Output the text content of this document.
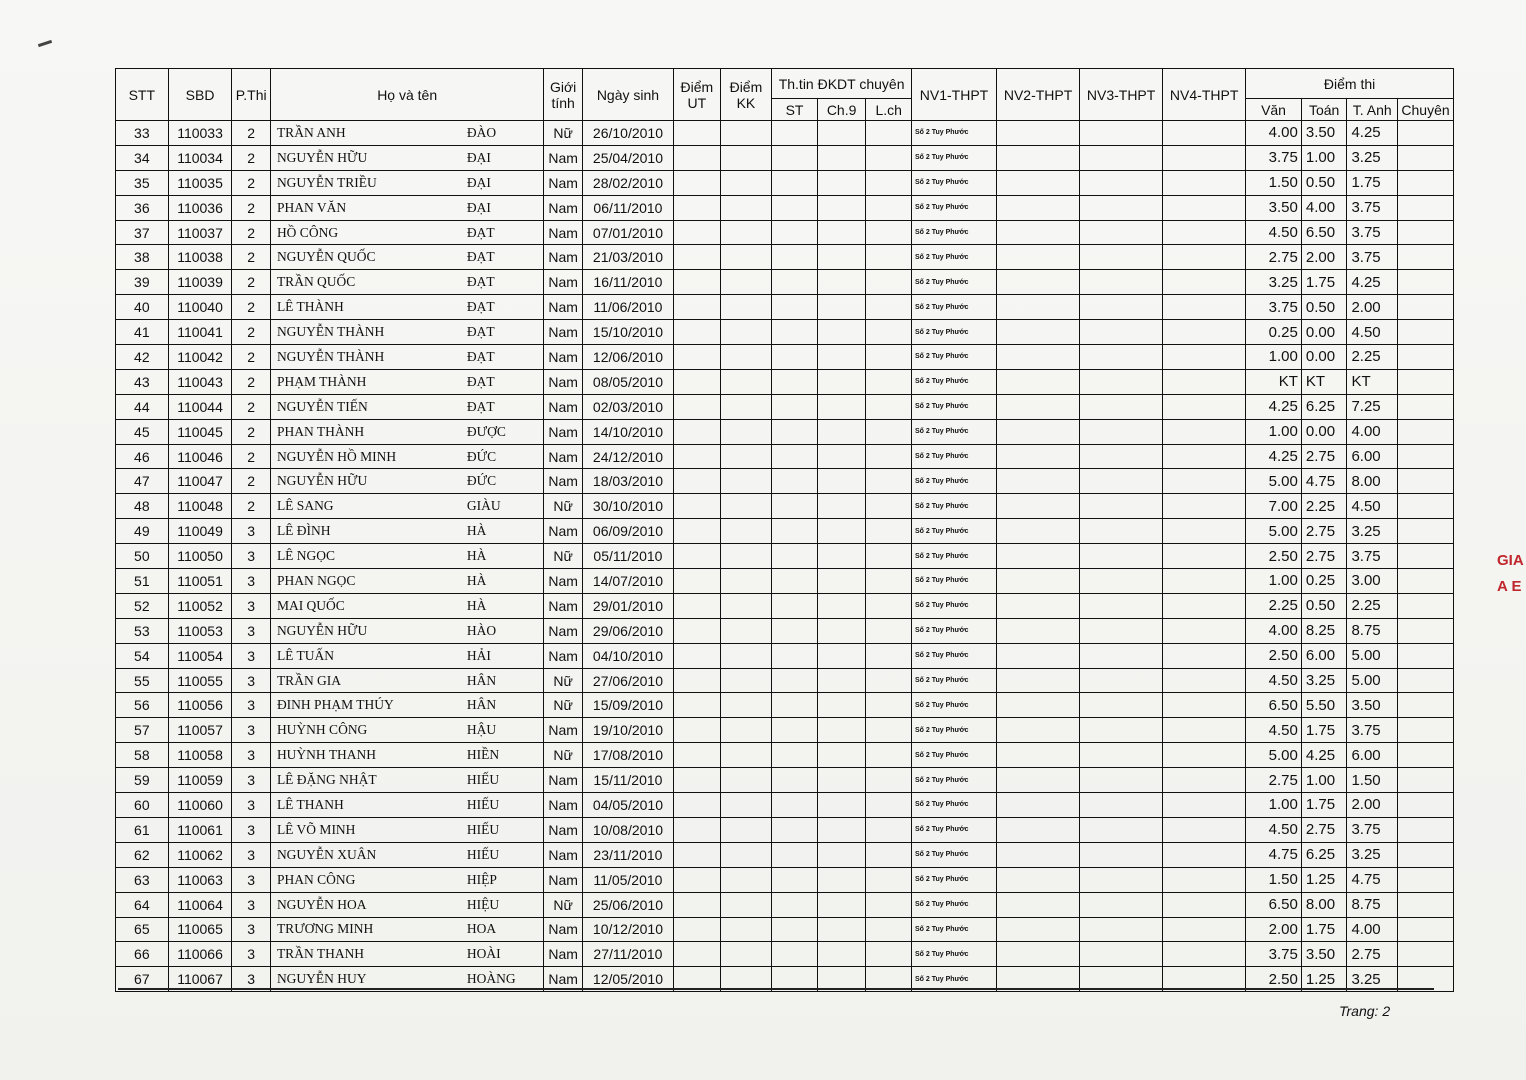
STT	SBD	P.Thi	Họ và tên		Giới tính	Ngày sinh	Điểm UT	Điểm KK	Th.tin ĐKDT chuyên			NV1-THPT	NV2-THPT	NV3-THPT	NV4-THPT	Điểm thi			
									ST	Ch.9	L.ch					Văn	Toán	T. Anh	Chuyên
33	110033	2	TRẦN ANH	ĐÀO	Nữ	26/10/2010						Số 2 Tuy Phước				4.00	3.50	4.25	
34	110034	2	NGUYỄN HỮU	ĐẠI	Nam	25/04/2010						Số 2 Tuy Phước				3.75	1.00	3.25	
35	110035	2	NGUYỄN TRIỀU	ĐẠI	Nam	28/02/2010						Số 2 Tuy Phước				1.50	0.50	1.75	
36	110036	2	PHAN VĂN	ĐẠI	Nam	06/11/2010						Số 2 Tuy Phước				3.50	4.00	3.75	
37	110037	2	HỒ CÔNG	ĐẠT	Nam	07/01/2010						Số 2 Tuy Phước				4.50	6.50	3.75	
38	110038	2	NGUYỄN QUỐC	ĐẠT	Nam	21/03/2010						Số 2 Tuy Phước				2.75	2.00	3.75	
39	110039	2	TRẦN QUỐC	ĐẠT	Nam	16/11/2010						Số 2 Tuy Phước				3.25	1.75	4.25	
40	110040	2	LÊ THÀNH	ĐẠT	Nam	11/06/2010						Số 2 Tuy Phước				3.75	0.50	2.00	
41	110041	2	NGUYỄN THÀNH	ĐẠT	Nam	15/10/2010						Số 2 Tuy Phước				0.25	0.00	4.50	
42	110042	2	NGUYỄN THÀNH	ĐẠT	Nam	12/06/2010						Số 2 Tuy Phước				1.00	0.00	2.25	
43	110043	2	PHẠM THÀNH	ĐẠT	Nam	08/05/2010						Số 2 Tuy Phước				KT	KT	KT	
44	110044	2	NGUYỄN TIẾN	ĐẠT	Nam	02/03/2010						Số 2 Tuy Phước				4.25	6.25	7.25	
45	110045	2	PHAN THÀNH	ĐƯỢC	Nam	14/10/2010						Số 2 Tuy Phước				1.00	0.00	4.00	
46	110046	2	NGUYỄN HỒ MINH	ĐỨC	Nam	24/12/2010						Số 2 Tuy Phước				4.25	2.75	6.00	
47	110047	2	NGUYỄN HỮU	ĐỨC	Nam	18/03/2010						Số 2 Tuy Phước				5.00	4.75	8.00	
48	110048	2	LÊ SANG	GIÀU	Nữ	30/10/2010						Số 2 Tuy Phước				7.00	2.25	4.50	
49	110049	3	LÊ ĐÌNH	HÀ	Nam	06/09/2010						Số 2 Tuy Phước				5.00	2.75	3.25	
50	110050	3	LÊ NGỌC	HÀ	Nữ	05/11/2010						Số 2 Tuy Phước				2.50	2.75	3.75	
51	110051	3	PHAN NGỌC	HÀ	Nam	14/07/2010						Số 2 Tuy Phước				1.00	0.25	3.00	
52	110052	3	MAI QUỐC	HÀ	Nam	29/01/2010						Số 2 Tuy Phước				2.25	0.50	2.25	
53	110053	3	NGUYỄN HỮU	HÀO	Nam	29/06/2010						Số 2 Tuy Phước				4.00	8.25	8.75	
54	110054	3	LÊ TUẤN	HẢI	Nam	04/10/2010						Số 2 Tuy Phước				2.50	6.00	5.00	
55	110055	3	TRẦN GIA	HÂN	Nữ	27/06/2010						Số 2 Tuy Phước				4.50	3.25	5.00	
56	110056	3	ĐINH PHẠM THÚY	HÂN	Nữ	15/09/2010						Số 2 Tuy Phước				6.50	5.50	3.50	
57	110057	3	HUỲNH CÔNG	HẬU	Nam	19/10/2010						Số 2 Tuy Phước				4.50	1.75	3.75	
58	110058	3	HUỲNH THANH	HIỀN	Nữ	17/08/2010						Số 2 Tuy Phước				5.00	4.25	6.00	
59	110059	3	LÊ ĐẶNG NHẬT	HIẾU	Nam	15/11/2010						Số 2 Tuy Phước				2.75	1.00	1.50	
60	110060	3	LÊ THANH	HIẾU	Nam	04/05/2010						Số 2 Tuy Phước				1.00	1.75	2.00	
61	110061	3	LÊ VÕ MINH	HIẾU	Nam	10/08/2010						Số 2 Tuy Phước				4.50	2.75	3.75	
62	110062	3	NGUYỄN XUÂN	HIẾU	Nam	23/11/2010						Số 2 Tuy Phước				4.75	6.25	3.25	
63	110063	3	PHAN CÔNG	HIỆP	Nam	11/05/2010						Số 2 Tuy Phước				1.50	1.25	4.75	
64	110064	3	NGUYỄN HOA	HIỆU	Nữ	25/06/2010						Số 2 Tuy Phước				6.50	8.00	8.75	
65	110065	3	TRƯƠNG MINH	HOA	Nam	10/12/2010						Số 2 Tuy Phước				2.00	1.75	4.00	
66	110066	3	TRẦN THANH	HOÀI	Nam	27/11/2010						Số 2 Tuy Phước				3.75	3.50	2.75	
67	110067	3	NGUYỄN HUY	HOÀNG	Nam	12/05/2010						Số 2 Tuy Phước				2.50	1.25	3.25	
Trang: 2
GIA
A E
